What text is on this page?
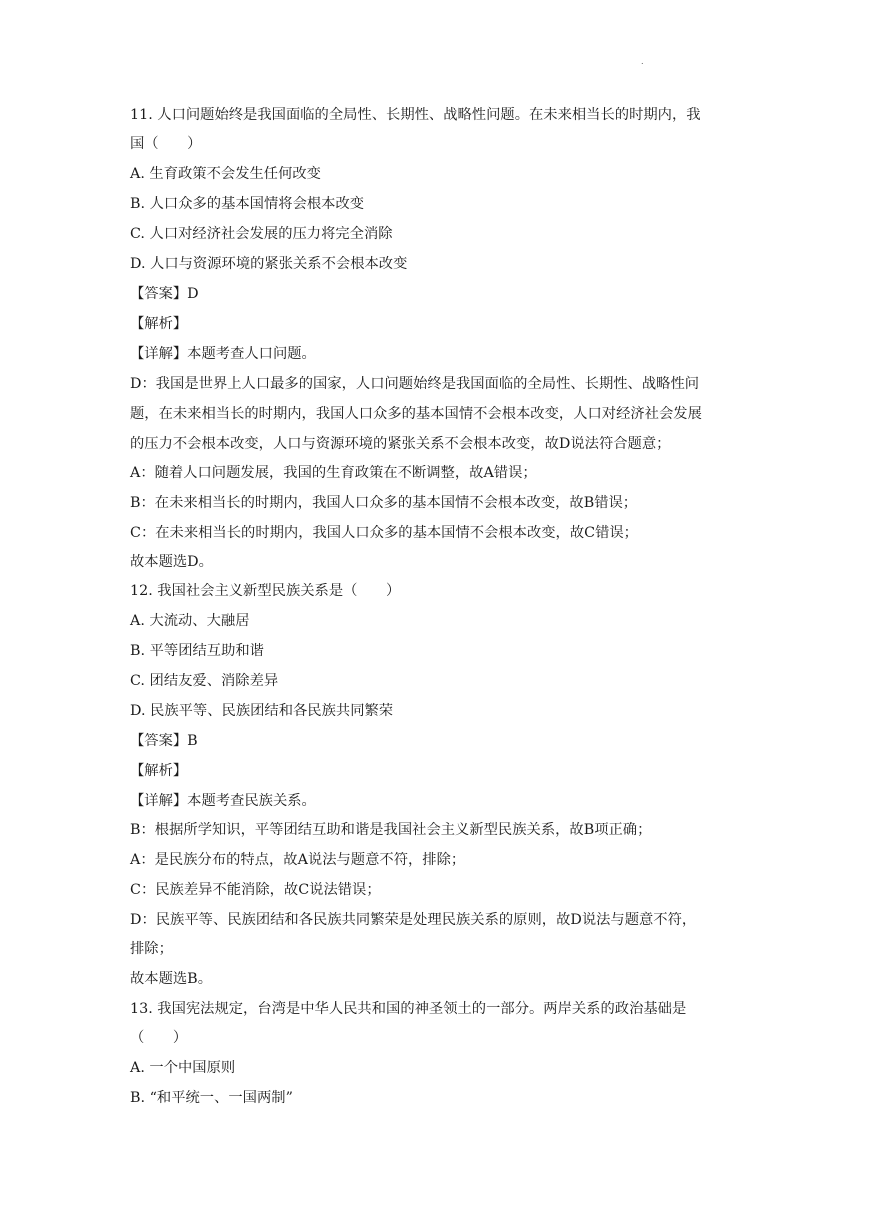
.
11. 人口问题始终是我国面临的全局性、长期性、战略性问题。在未来相当长的时期内，我
国（　　）
A. 生育政策不会发生任何改变
B. 人口众多的基本国情将会根本改变
C. 人口对经济社会发展的压力将完全消除
D. 人口与资源环境的紧张关系不会根本改变
【答案】D
【解析】
【详解】本题考查人口问题。
D：我国是世界上人口最多的国家，人口问题始终是我国面临的全局性、长期性、战略性问
题，在未来相当长的时期内，我国人口众多的基本国情不会根本改变，人口对经济社会发展
的压力不会根本改变，人口与资源环境的紧张关系不会根本改变，故D说法符合题意；
A：随着人口问题发展，我国的生育政策在不断调整，故A错误；
B：在未来相当长的时期内，我国人口众多的基本国情不会根本改变，故B错误；
C：在未来相当长的时期内，我国人口众多的基本国情不会根本改变，故C错误；
故本题选D。
12. 我国社会主义新型民族关系是（　　）
A. 大流动、大融居
B. 平等团结互助和谐
C. 团结友爱、消除差异
D. 民族平等、民族团结和各民族共同繁荣
【答案】B
【解析】
【详解】本题考查民族关系。
B：根据所学知识，平等团结互助和谐是我国社会主义新型民族关系，故B项正确；
A：是民族分布的特点，故A说法与题意不符，排除；
C：民族差异不能消除，故C说法错误；
D：民族平等、民族团结和各民族共同繁荣是处理民族关系的原则，故D说法与题意不符，
排除；
故本题选B。
13. 我国宪法规定，台湾是中华人民共和国的神圣领土的一部分。两岸关系的政治基础是
（　　）
A. 一个中国原则
B. “和平统一、一国两制”
